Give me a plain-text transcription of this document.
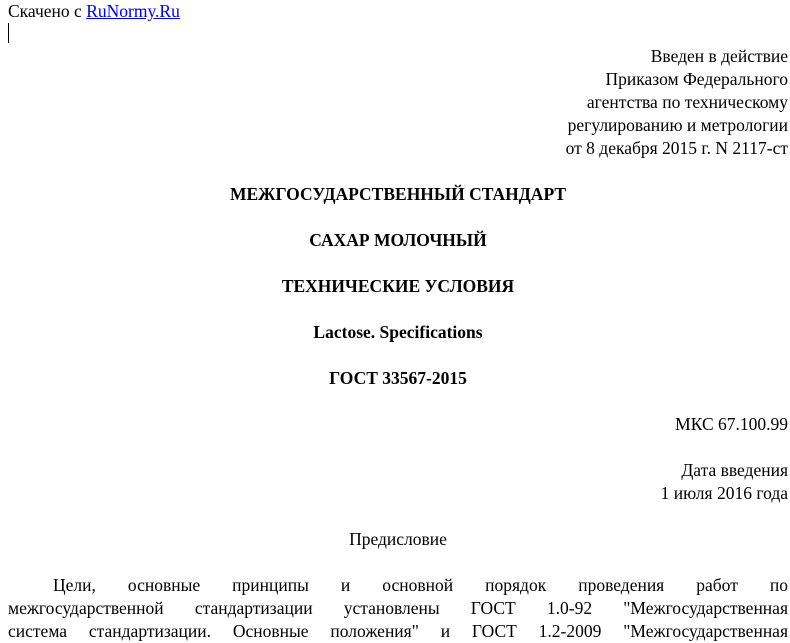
Скачено с RuNormy.Ru
Введен в действие
Приказом Федерального
агентства по техническому
регулированию и метрологии
от 8 декабря 2015 г. N 2117-ст
МЕЖГОСУДАРСТВЕННЫЙ СТАНДАРТ
САХАР МОЛОЧНЫЙ
ТЕХНИЧЕСКИЕ УСЛОВИЯ
Lactose. Specifications
ГОСТ 33567-2015
МКС 67.100.99
Дата введения
1 июля 2016 года
Предисловие
Цели, основные принципы и основной порядок проведения работ по
межгосударственной стандартизации установлены ГОСТ 1.0-92 "Межгосударственная
система стандартизации. Основные положения" и ГОСТ 1.2-2009 "Межгосударственная
